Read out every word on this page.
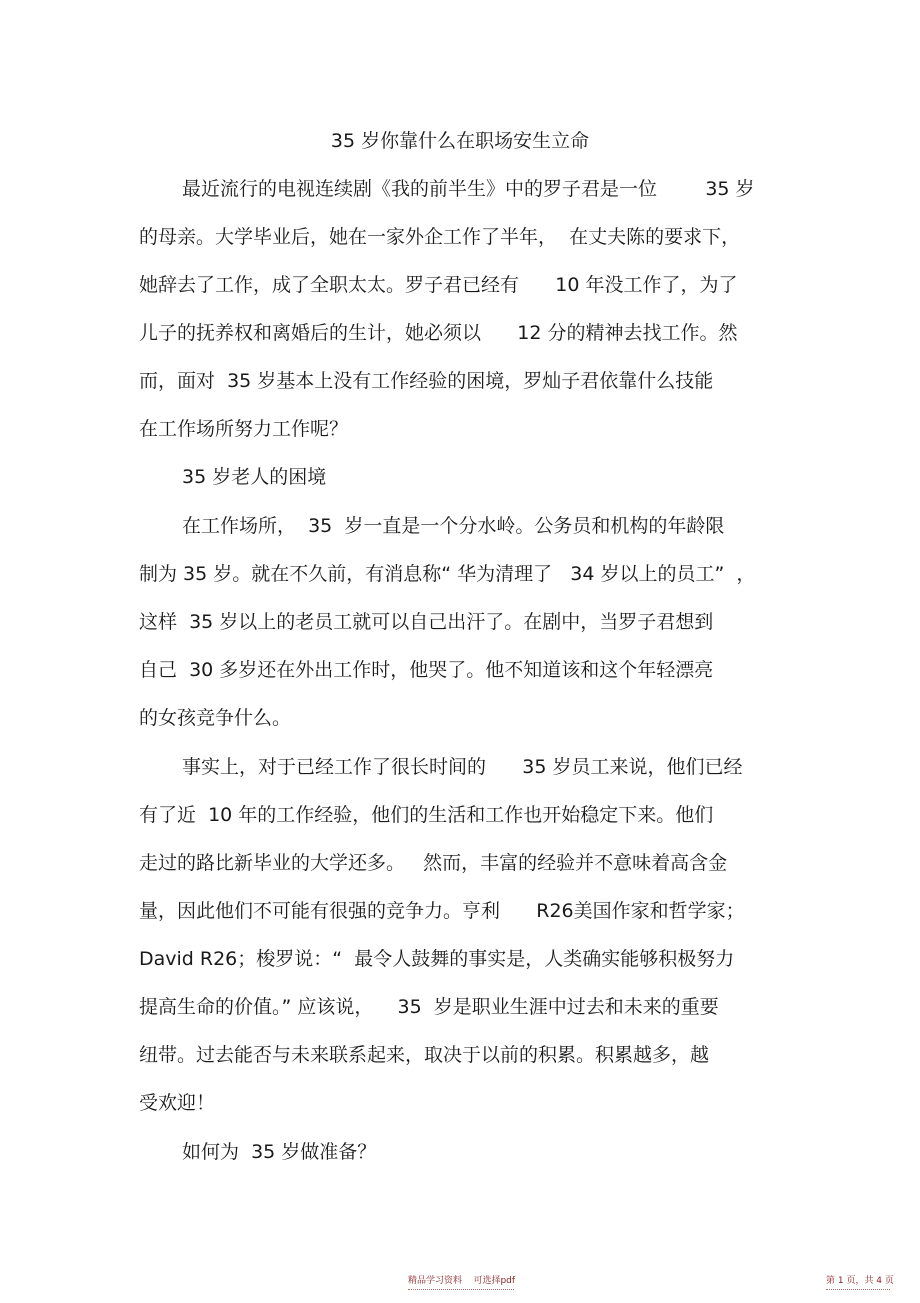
35 岁你靠什么在职场安生立命
最近流行的电视连续剧《我的前半生》中的罗子君是一位        35 岁
的母亲。大学毕业后，她在一家外企工作了半年，  在丈夫陈的要求下，
她辞去了工作，成了全职太太。罗子君已经有      10 年没工作了，为了
儿子的抚养权和离婚后的生计，她必须以      12 分的精神去找工作。然
而，面对  35 岁基本上没有工作经验的困境，罗灿子君依靠什么技能
在工作场所努力工作呢？
35 岁老人的困境
在工作场所，  35  岁一直是一个分水岭。公务员和机构的年龄限
制为 35 岁。就在不久前，有消息称“ 华为清理了   34 岁以上的员工”  ，
这样  35 岁以上的老员工就可以自己出汗了。在剧中，当罗子君想到
自己  30 多岁还在外出工作时，他哭了。他不知道该和这个年轻漂亮
的女孩竞争什么。
事实上，对于已经工作了很长时间的      35 岁员工来说，他们已经
有了近  10 年的工作经验，他们的生活和工作也开始稳定下来。他们
走过的路比新毕业的大学还多。   然而，丰富的经验并不意味着高含金
量，因此他们不可能有很强的竞争力。亨利      R26美国作家和哲学家；
David R26；梭罗说：“  最令人鼓舞的事实是，人类确实能够积极努力
提高生命的价值。” 应该说，    35  岁是职业生涯中过去和未来的重要
纽带。过去能否与未来联系起来，取决于以前的积累。积累越多，越
受欢迎！
如何为  35 岁做准备？
精品学习资料    可选择pdf	第 1 页，共 4 页
